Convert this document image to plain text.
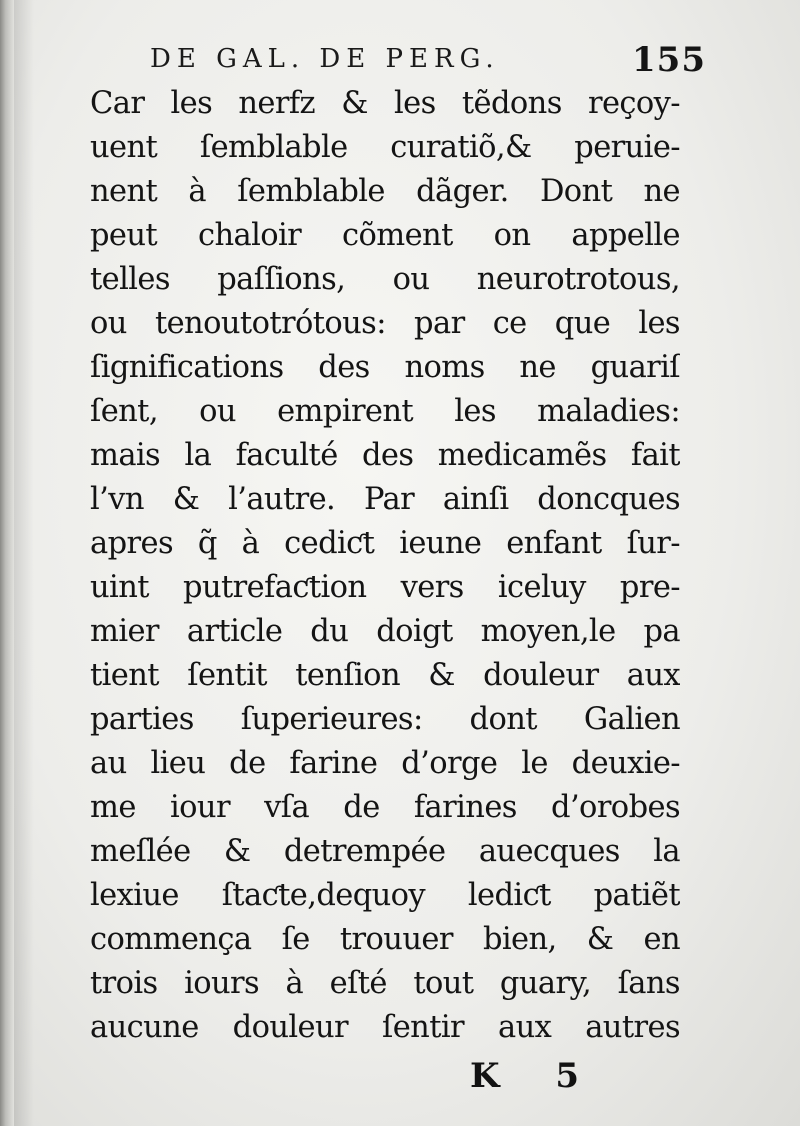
DE GAL. DE PERG.	155
Car les nerfz & les tẽdons reçoy-
uent ſemblable curatiõ,& peruie-
nent à ſemblable dãger. Dont ne
peut chaloir cõment on appelle
telles paſſions, ou neurotrotous,
ou tenoutotrótous: par ce que les
ſignifications des noms ne guariſ
ſent, ou empirent les maladies:
mais la faculté des medicamẽs fait
l’vn & l’autre. Par ainſi doncques
apres q̃ à cediƈt ieune enfant ſur-
uint putrefaƈtion vers iceluy pre-
mier article du doigt moyen,le pa
tient ſentit tenſion & douleur aux
parties ſuperieures: dont Galien
au lieu de farine d’orge le deuxie-
me iour vſa de farines d’orobes
meſlée & detrempée auecques la
lexiue ſtaƈte,dequoy lediƈt patiẽt
commença ſe trouuer bien, & en
trois iours à eſté tout guary, ſans
aucune douleur ſentir aux autres
K 5
